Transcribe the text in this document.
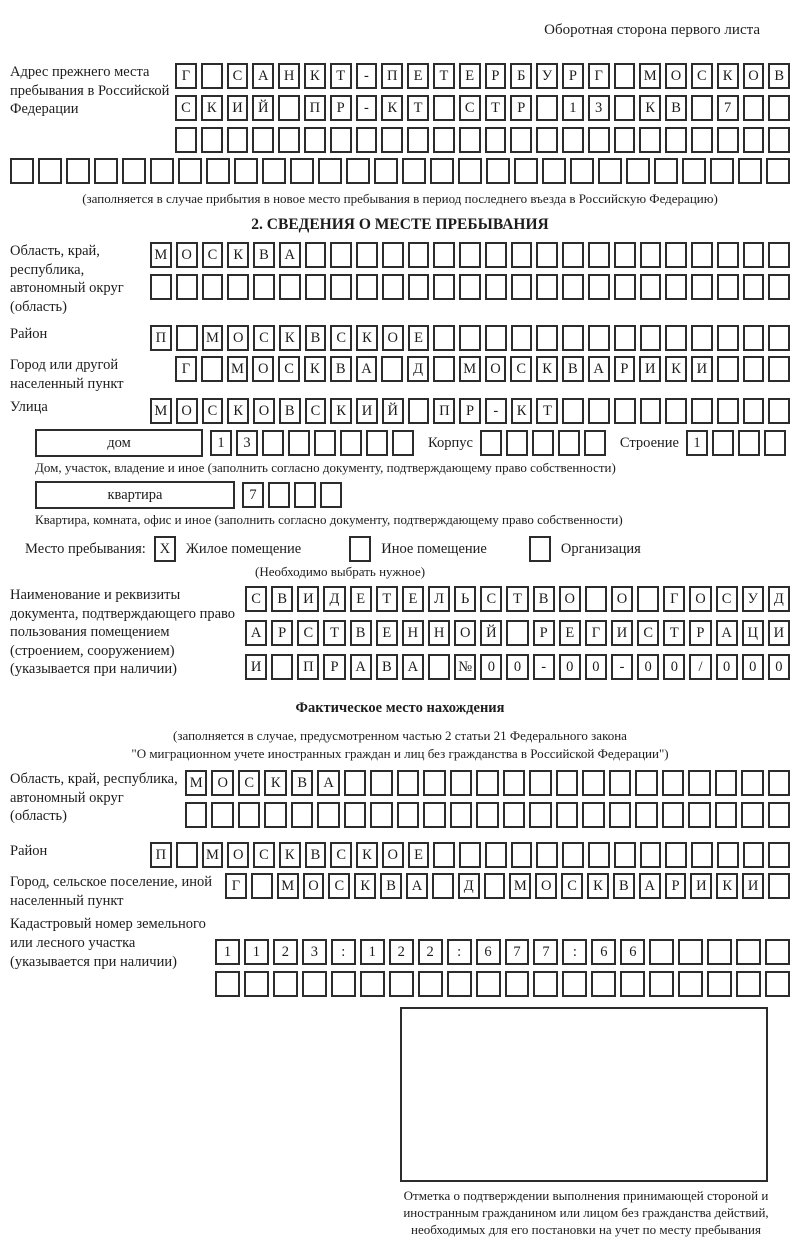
Оборотная сторона первого листа
Адрес прежнего места пребывания в Российской Федерации
Г	С	А	Н	К	Т	-	П	Е	Т	Е	Р	Б	У	Р	Г	М О	С	К	О	В
С	К	И	Й	П	Р	-	К	Т	С	Т	Р	1	3	К	В	7
(заполняется в случае прибытия в новое место пребывания в период последнего въезда в Российскую Федерацию)
2. СВЕДЕНИЯ О МЕСТЕ ПРЕБЫВАНИЯ
Область, край, республика, автономный округ (область)
М О	С	К	В	А
Район	П	М О	С	К	В	С	К	О	Е
Город или другой населенный пункт
Г	М О	С	К	В	А	Д	М О	С	К	В	А	Р	И	К	И
Улица	М О	С	К	О	В	С	К	И	Й	П	Р	-	К	Т
дом	1	3	Корпус	Строение 1
Дом, участок, владение и иное (заполнить согласно документу, подтверждающему право собственности)
квартира	7
Квартира, комната, офис и иное (заполнить согласно документу, подтверждающему право собственности)
Место пребывания: X	Жилое помещение	Иное помещение	Организация
(Необходимо выбрать нужное)
Наименование и реквизиты документа, подтверждающего право пользования помещением (строением, сооружением) (указывается при наличии)
С	В	И	Д	Е	Т	Е	Л	Ь	С	Т	В	О	О	Г	О	С	У	Д
А	Р	С	Т	В	Е	Н	Н	О	Й	Р	Е	Г	И	С	Т	Р	А	Ц	И
И	П	Р	А	В	А	№	0	0	-	0	0	-	0	0	/	0	0	0
Фактическое место нахождения
(заполняется в случае, предусмотренном частью 2 статьи 21 Федерального закона
"О миграционном учете иностранных граждан и лиц без гражданства в Российской Федерации")
Область, край, республика, автономный округ (область)
М	О	С	К	В	А
Район	П	М О	С	К	В	С	К	О	Е
Город, сельское поселение, иной населенный пункт
Г	М О	С	К	В	А	Д	М О	С	К	В	А	Р	И	К	И
Кадастровый номер земельного или лесного участка (указывается при наличии)
1	1	2	3	:	1	2	2	:	6	7	7	:	6	6
Отметка о подтверждении выполнения принимающей стороной и иностранным гражданином или лицом без гражданства действий, необходимых для его постановки на учет по месту пребывания
